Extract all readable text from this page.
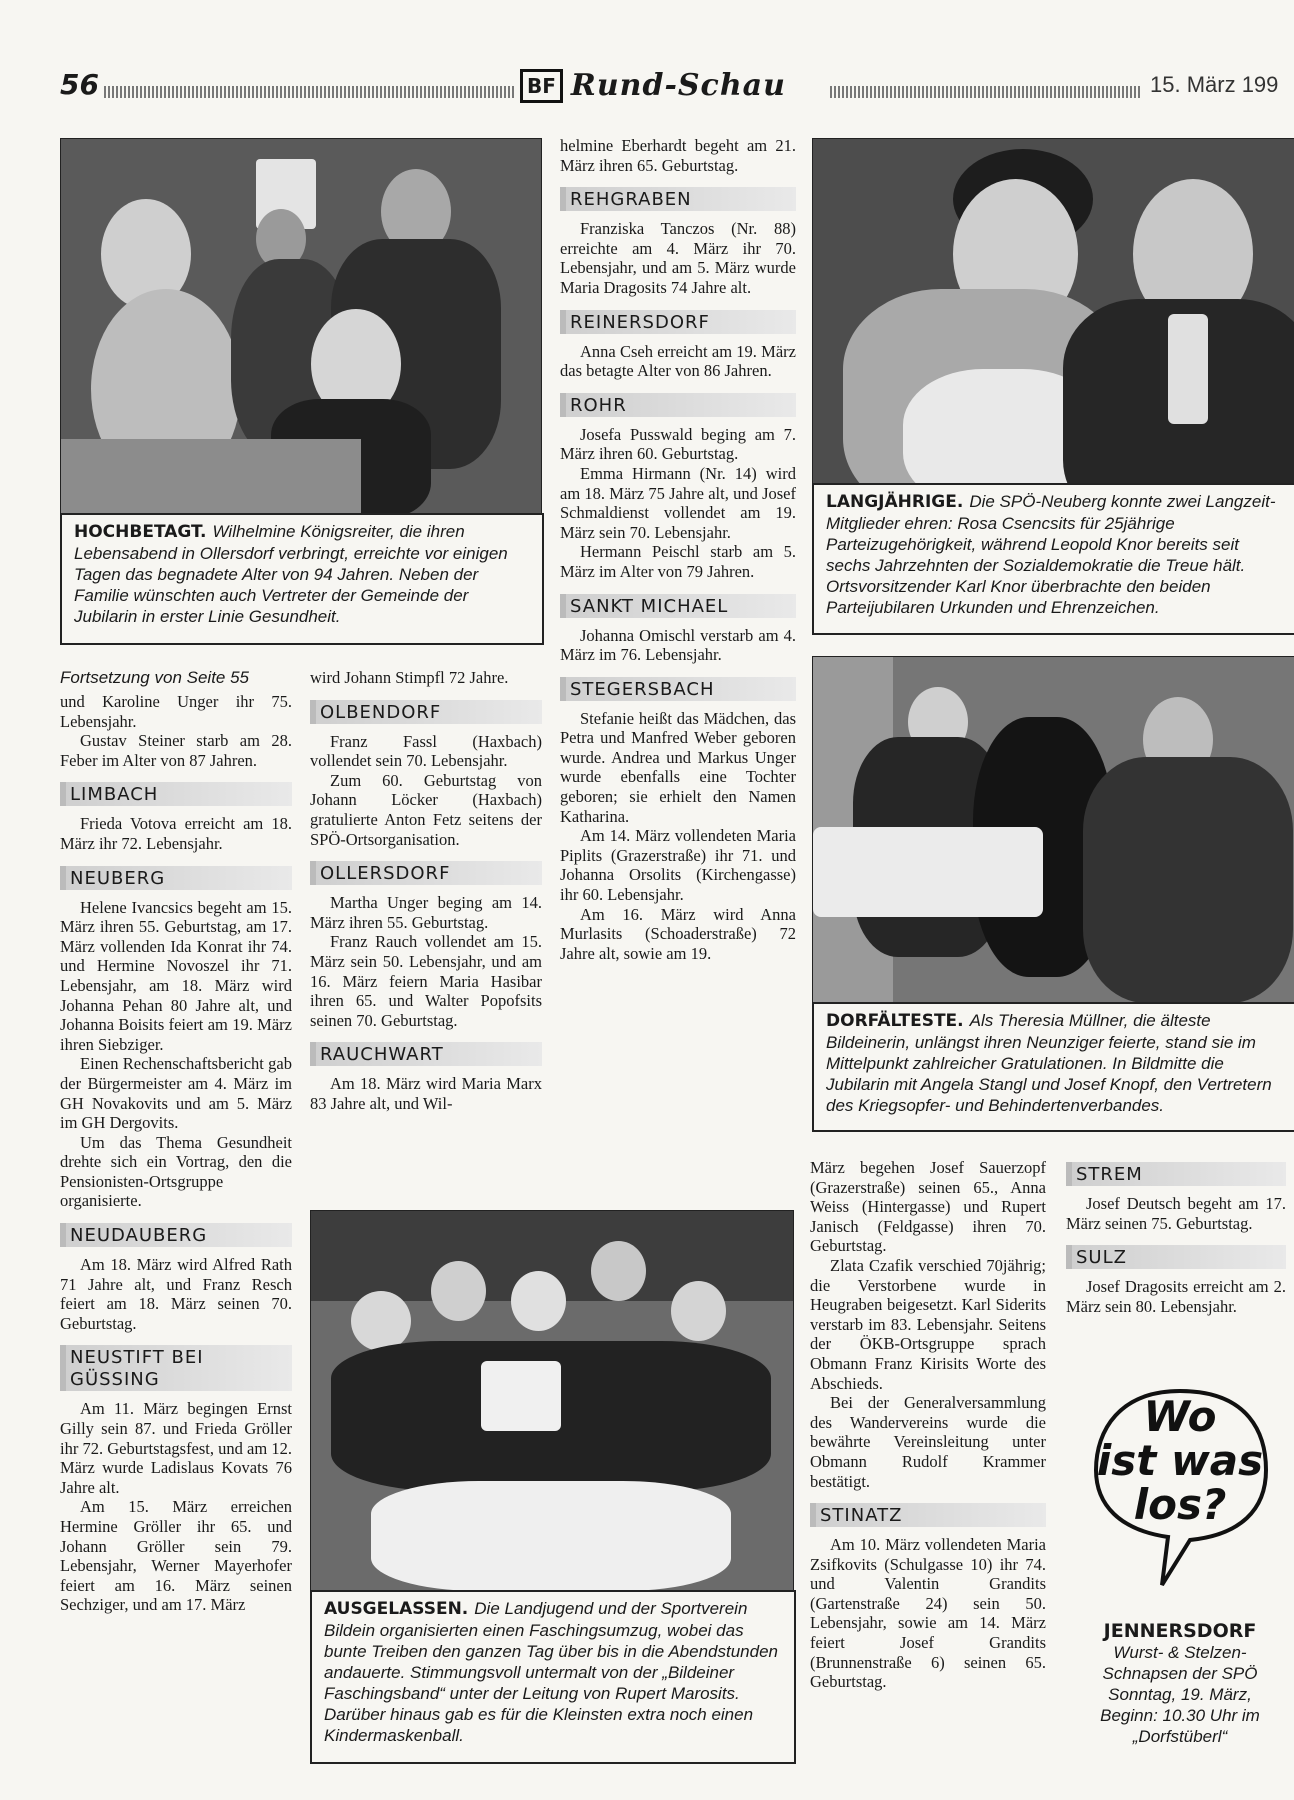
56	BF Rund-Schau	15. März 199
HOCHBETAGT. Wilhelmine Königsreiter, die ihren Lebensabend in Ollersdorf verbringt, erreichte vor einigen Tagen das begnadete Alter von 94 Jahren. Neben der Familie wünschten auch Vertreter der Gemeinde der Jubilarin in erster Linie Gesundheit.
LANGJÄHRIGE. Die SPÖ-Neuberg konnte zwei Langzeit-Mitglieder ehren: Rosa Csencsits für 25jährige Parteizugehörigkeit, während Leopold Knor bereits seit sechs Jahrzehnten der Sozialdemokratie die Treue hält. Ortsvorsitzender Karl Knor überbrachte den beiden Parteijubilaren Urkunden und Ehrenzeichen.
DORFÄLTESTE. Als Theresia Müllner, die älteste Bildeinerin, unlängst ihren Neunziger feierte, stand sie im Mittelpunkt zahlreicher Gratulationen. In Bildmitte die Jubilarin mit Angela Stangl und Josef Knopf, den Vertretern des Kriegsopfer- und Behindertenverbandes.
AUSGELASSEN. Die Landjugend und der Sportverein Bildein organisierten einen Faschingsumzug, wobei das bunte Treiben den ganzen Tag über bis in die Abendstunden andauerte. Stimmungsvoll untermalt von der „Bildeiner Faschingsband“ unter der Leitung von Rupert Marosits. Darüber hinaus gab es für die Kleinsten extra noch einen Kindermaskenball.
Fortsetzung von Seite 55

und Karoline Unger ihr 75. Lebensjahr.

Gustav Steiner starb am 28. Feber im Alter von 87 Jahren.

LIMBACH

Frieda Votova erreicht am 18. März ihr 72. Lebensjahr.

NEUBERG

Helene Ivancsics begeht am 15. März ihren 55. Geburtstag, am 17. März vollenden Ida Konrat ihr 74. und Hermine Novoszel ihr 71. Lebensjahr, am 18. März wird Johanna Pehan 80 Jahre alt, und Johanna Boisits feiert am 19. März ihren Siebziger.

Einen Rechenschaftsbericht gab der Bürgermeister am 4. März im GH Novakovits und am 5. März im GH Dergovits.

Um das Thema Gesundheit drehte sich ein Vortrag, den die Pensionisten-Ortsgruppe organisierte.

NEUDAUBERG

Am 18. März wird Alfred Rath 71 Jahre alt, und Franz Resch feiert am 18. März seinen 70. Geburtstag.

NEUSTIFT BEI GÜSSING

Am 11. März begingen Ernst Gilly sein 87. und Frieda Gröller ihr 72. Geburtstagsfest, und am 12. März wurde Ladislaus Kovats 76 Jahre alt.

Am 15. März erreichen Hermine Gröller ihr 65. und Johann Gröller sein 79. Lebensjahr, Werner Mayerhofer feiert am 16. März seinen Sechziger, und am 17. März

wird Johann Stimpfl 72 Jahre.

OLBENDORF

Franz Fassl (Haxbach) vollendet sein 70. Lebensjahr.

Zum 60. Geburtstag von Johann Löcker (Haxbach) gratulierte Anton Fetz seitens der SPÖ-Ortsorganisation.

OLLERSDORF

Martha Unger beging am 14. März ihren 55. Geburtstag.

Franz Rauch vollendet am 15. März sein 50. Lebensjahr, und am 16. März feiern Maria Hasibar ihren 65. und Walter Popofsits seinen 70. Geburtstag.

RAUCHWART

Am 18. März wird Maria Marx 83 Jahre alt, und Wil-

helmine Eberhardt begeht am 21. März ihren 65. Geburtstag.

REHGRABEN

Franziska Tanczos (Nr. 88) erreichte am 4. März ihr 70. Lebensjahr, und am 5. März wurde Maria Dragosits 74 Jahre alt.

REINERSDORF

Anna Cseh erreicht am 19. März das betagte Alter von 86 Jahren.

ROHR

Josefa Pusswald beging am 7. März ihren 60. Geburtstag.

Emma Hirmann (Nr. 14) wird am 18. März 75 Jahre alt, und Josef Schmaldienst vollendet am 19. März sein 70. Lebensjahr.

Hermann Peischl starb am 5. März im Alter von 79 Jahren.

SANKT MICHAEL

Johanna Omischl verstarb am 4. März im 76. Lebensjahr.

STEGERSBACH

Stefanie heißt das Mädchen, das Petra und Manfred Weber geboren wurde. Andrea und Markus Unger wurde ebenfalls eine Tochter geboren; sie erhielt den Namen Katharina.

Am 14. März vollendeten Maria Piplits (Grazerstraße) ihr 71. und Johanna Orsolits (Kirchengasse) ihr 60. Lebensjahr.

Am 16. März wird Anna Murlasits (Schoaderstraße) 72 Jahre alt, sowie am 19.

März begehen Josef Sauerzopf (Grazerstraße) seinen 65., Anna Weiss (Hintergasse) und Rupert Janisch (Feldgasse) ihren 70. Geburtstag.

Zlata Czafik verschied 70jährig; die Verstorbene wurde in Heugraben beigesetzt. Karl Siderits verstarb im 83. Lebensjahr. Seitens der ÖKB-Ortsgruppe sprach Obmann Franz Kirisits Worte des Abschieds.

Bei der Generalversammlung des Wandervereins wurde die bewährte Vereinsleitung unter Obmann Rudolf Krammer bestätigt.

STINATZ

Am 10. März vollendeten Maria Zsifkovits (Schulgasse 10) ihr 74. und Valentin Grandits (Gartenstraße 24) sein 50. Lebensjahr, sowie am 14. März feiert Josef Grandits (Brunnenstraße 6) seinen 65. Geburtstag.

STREM

Josef Deutsch begeht am 17. März seinen 75. Geburtstag.

SULZ

Josef Dragosits erreicht am 2. März sein 80. Lebensjahr.

Wo
ist was
los?
JENNERSDORF
Wurst- & Stelzen-Schnapsen der SPÖ Sonntag, 19. März, Beginn: 10.30 Uhr im „Dorfstüberl“
